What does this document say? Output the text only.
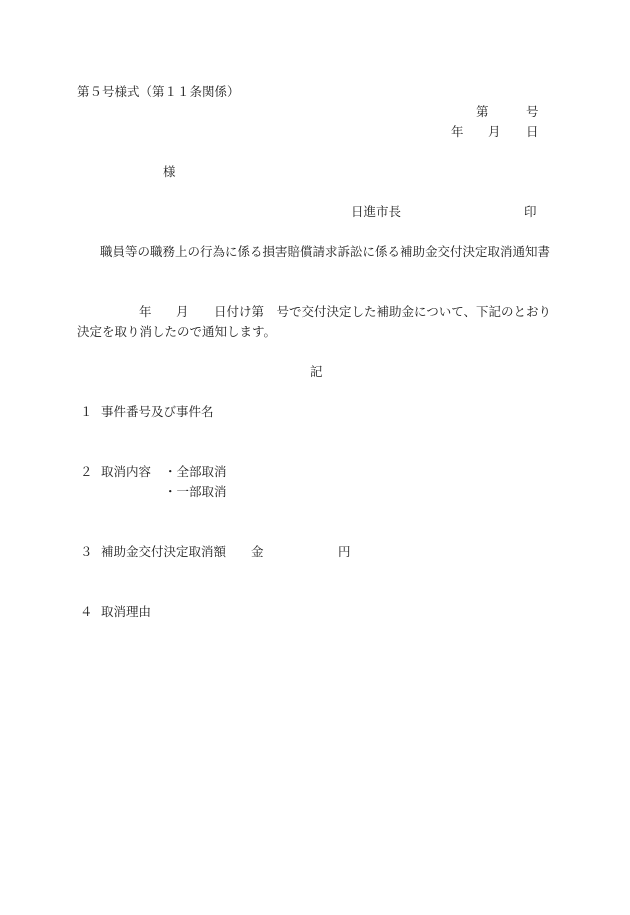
第５号様式（第１１条関係）
第	号
年 月 日
様
日進市長	印
職員等の職務上の行為に係る損害賠償請求訴訟に係る補助金交付決定取消通知書
年 月 日付け第　号で交付決定した補助金について、下記のとおり
決定を取り消したので通知します。
記
１ 事件番号及び事件名
２ 取消内容 ・全部取消
・一部取消
３ 補助金交付決定取消額 金	円
４ 取消理由
